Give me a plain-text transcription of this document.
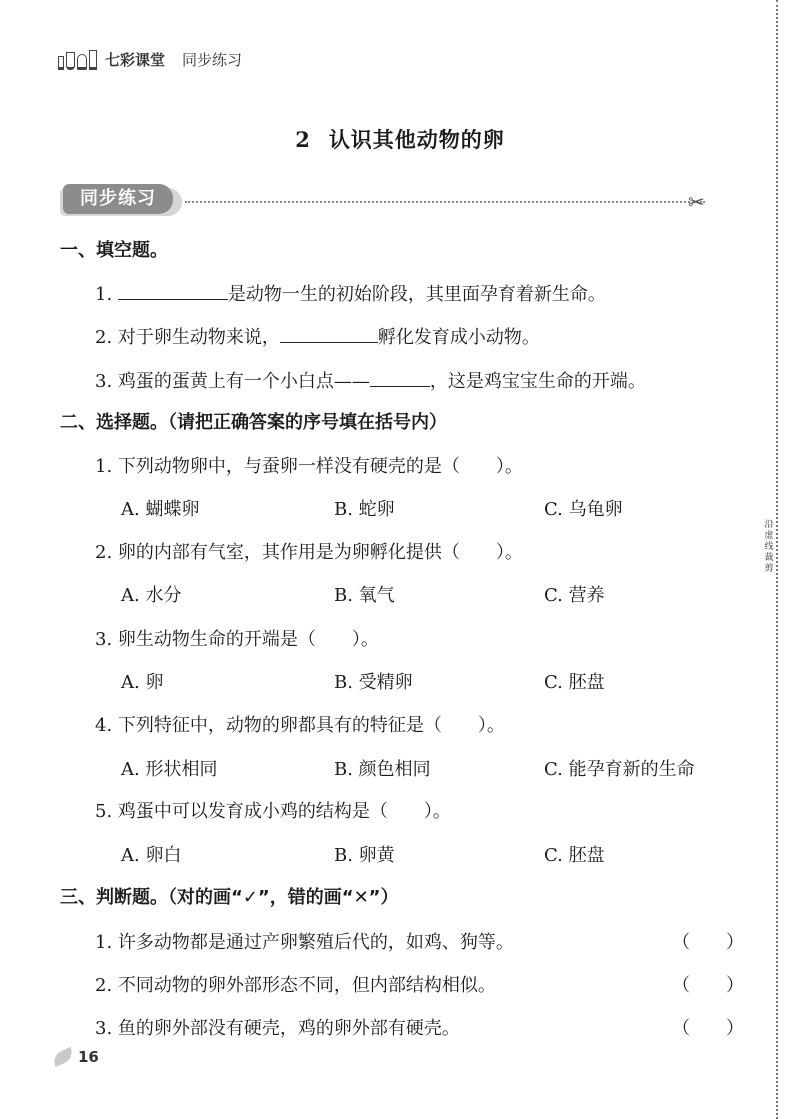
七彩课堂 同步练习
沿虚线裁剪
2 认识其他动物的卵
同步练习	✂
一、填空题。
1.	是动物一生的初始阶段，其里面孕育着新生命。
2. 对于卵生动物来说，	孵化发育成小动物。
3. 鸡蛋的蛋黄上有一个小白点——	，这是鸡宝宝生命的开端。
二、选择题。（请把正确答案的序号填在括号内）
1. 下列动物卵中，与蚕卵一样没有硬壳的是（　　）。
A. 蝴蝶卵	B. 蛇卵	C. 乌龟卵
2. 卵的内部有气室，其作用是为卵孵化提供（　　）。
A. 水分	B. 氧气	C. 营养
3. 卵生动物生命的开端是（　　）。
A. 卵	B. 受精卵	C. 胚盘
4. 下列特征中，动物的卵都具有的特征是（　　）。
A. 形状相同	B. 颜色相同	C. 能孕育新的生命
5. 鸡蛋中可以发育成小鸡的结构是（　　）。
A. 卵白	B. 卵黄	C. 胚盘
三、判断题。（对的画“✓”，错的画“✕”）
1. 许多动物都是通过产卵繁殖后代的，如鸡、狗等。	（　　）
2. 不同动物的卵外部形态不同，但内部结构相似。	（　　）
3. 鱼的卵外部没有硬壳，鸡的卵外部有硬壳。	（　　）
16
